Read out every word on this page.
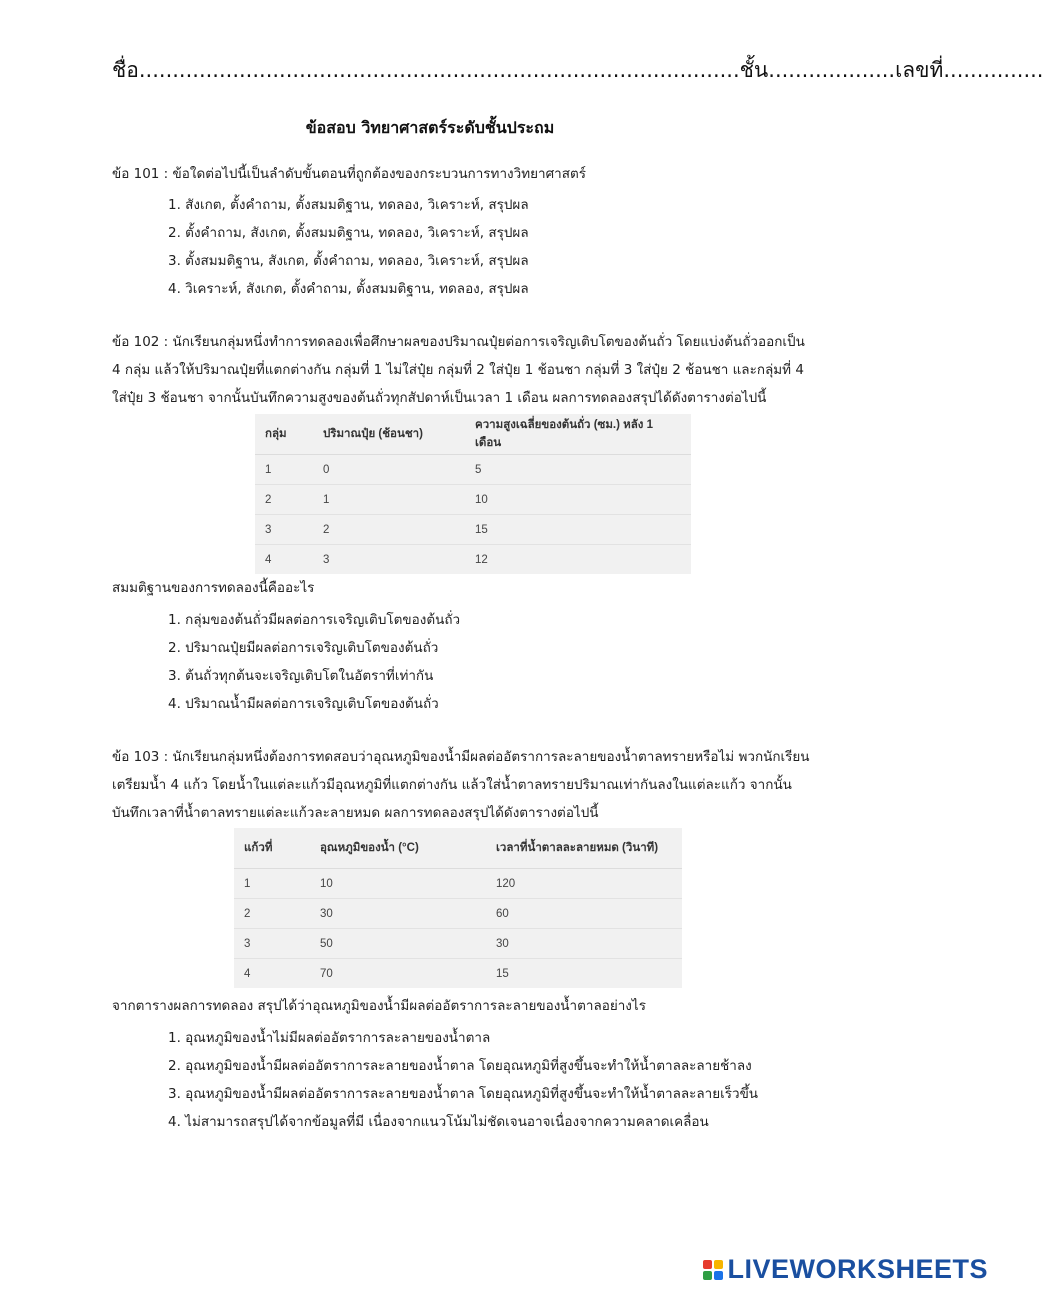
ชื่อ..........................................................................................ชั้น...................เลขที่...............
ข้อสอบ วิทยาศาสตร์ระดับชั้นประถม
ข้อ 101 : ข้อใดต่อไปนี้เป็นลำดับขั้นตอนที่ถูกต้องของกระบวนการทางวิทยาศาสตร์
1. สังเกต, ตั้งคำถาม, ตั้งสมมติฐาน, ทดลอง, วิเคราะห์, สรุปผล
2. ตั้งคำถาม, สังเกต, ตั้งสมมติฐาน, ทดลอง, วิเคราะห์, สรุปผล
3. ตั้งสมมติฐาน, สังเกต, ตั้งคำถาม, ทดลอง, วิเคราะห์, สรุปผล
4. วิเคราะห์, สังเกต, ตั้งคำถาม, ตั้งสมมติฐาน, ทดลอง, สรุปผล
ข้อ 102 : นักเรียนกลุ่มหนึ่งทำการทดลองเพื่อศึกษาผลของปริมาณปุ๋ยต่อการเจริญเติบโตของต้นถั่ว โดยแบ่งต้นถั่วออกเป็น 4 กลุ่ม แล้วให้ปริมาณปุ๋ยที่แตกต่างกัน กลุ่มที่ 1 ไม่ใส่ปุ๋ย กลุ่มที่ 2 ใส่ปุ๋ย 1 ช้อนชา กลุ่มที่ 3 ใส่ปุ๋ย 2 ช้อนชา และกลุ่มที่ 4 ใส่ปุ๋ย 3 ช้อนชา จากนั้นบันทึกความสูงของต้นถั่วทุกสัปดาห์เป็นเวลา 1 เดือน ผลการทดลองสรุปได้ดังตารางต่อไปนี้
กลุ่ม	ปริมาณปุ๋ย (ช้อนชา)	ความสูงเฉลี่ยของต้นถั่ว (ซม.) หลัง 1 เดือน
1	0	5
2	1	10
3	2	15
4	3	12
สมมติฐานของการทดลองนี้คืออะไร
1. กลุ่มของต้นถั่วมีผลต่อการเจริญเติบโตของต้นถั่ว
2. ปริมาณปุ๋ยมีผลต่อการเจริญเติบโตของต้นถั่ว
3. ต้นถั่วทุกต้นจะเจริญเติบโตในอัตราที่เท่ากัน
4. ปริมาณน้ำมีผลต่อการเจริญเติบโตของต้นถั่ว
ข้อ 103 : นักเรียนกลุ่มหนึ่งต้องการทดสอบว่าอุณหภูมิของน้ำมีผลต่ออัตราการละลายของน้ำตาลทรายหรือไม่ พวกนักเรียนเตรียมน้ำ 4 แก้ว โดยน้ำในแต่ละแก้วมีอุณหภูมิที่แตกต่างกัน แล้วใส่น้ำตาลทรายปริมาณเท่ากันลงในแต่ละแก้ว จากนั้นบันทึกเวลาที่น้ำตาลทรายแต่ละแก้วละลายหมด ผลการทดลองสรุปได้ดังตารางต่อไปนี้
แก้วที่	อุณหภูมิของน้ำ (°C)	เวลาที่น้ำตาลละลายหมด (วินาที)
1	10	120
2	30	60
3	50	30
4	70	15
จากตารางผลการทดลอง สรุปได้ว่าอุณหภูมิของน้ำมีผลต่ออัตราการละลายของน้ำตาลอย่างไร
1. อุณหภูมิของน้ำไม่มีผลต่ออัตราการละลายของน้ำตาล
2. อุณหภูมิของน้ำมีผลต่ออัตราการละลายของน้ำตาล โดยอุณหภูมิที่สูงขึ้นจะทำให้น้ำตาลละลายช้าลง
3. อุณหภูมิของน้ำมีผลต่ออัตราการละลายของน้ำตาล โดยอุณหภูมิที่สูงขึ้นจะทำให้น้ำตาลละลายเร็วขึ้น
4. ไม่สามารถสรุปได้จากข้อมูลที่มี เนื่องจากแนวโน้มไม่ชัดเจนอาจเนื่องจากความคลาดเคลื่อน
LIVEWORKSHEETS
